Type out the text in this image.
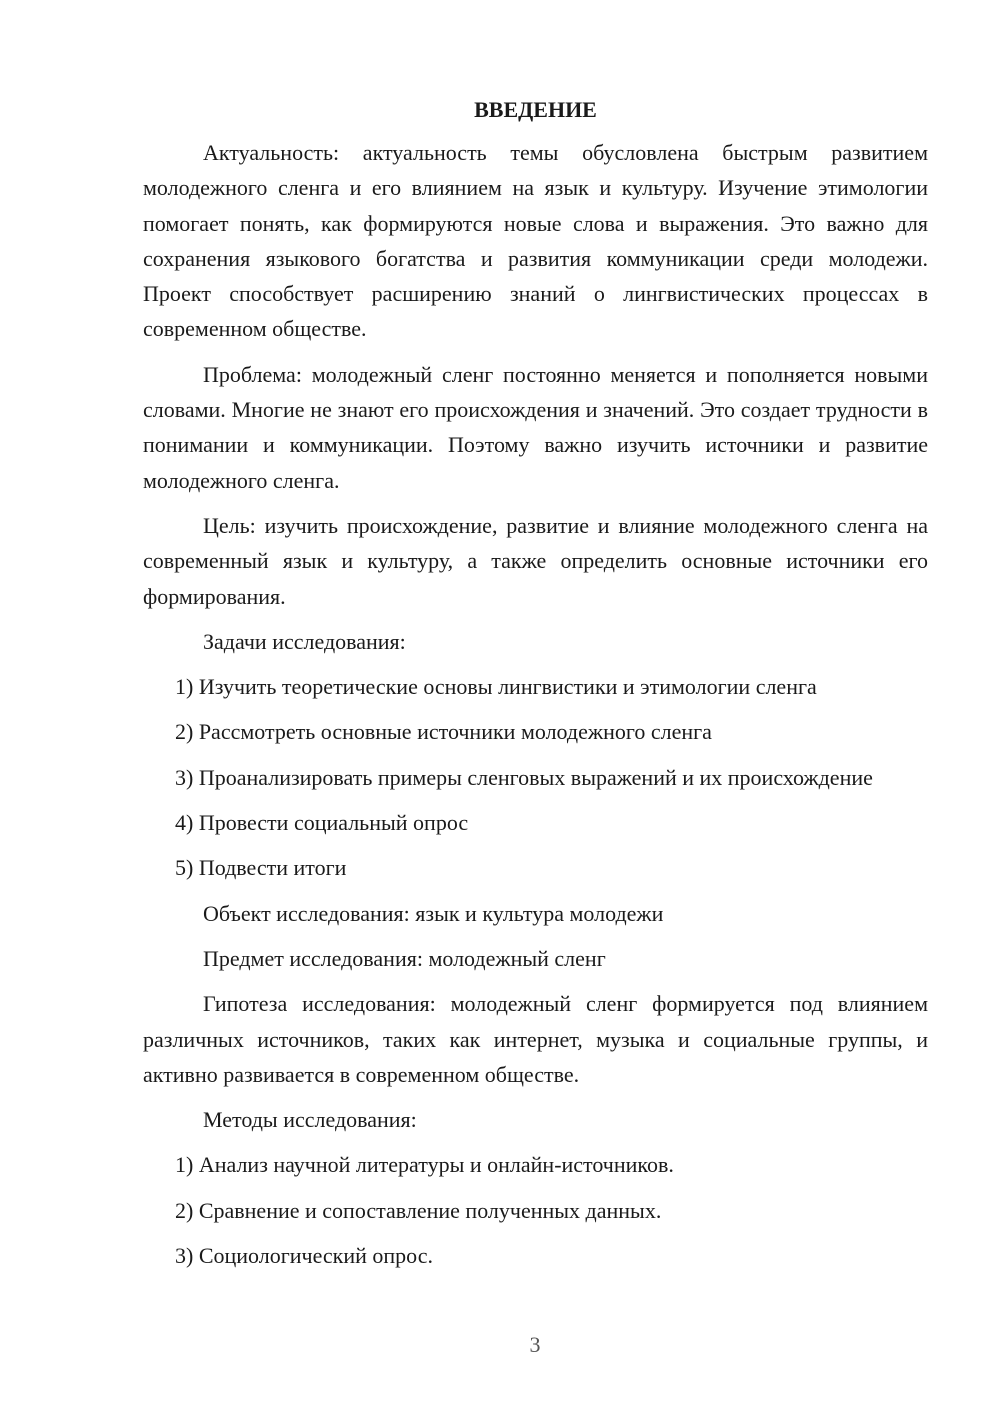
ВВЕДЕНИЕ

Актуальность: актуальность темы обусловлена быстрым развитием молодежного сленга и его влиянием на язык и культуру. Изучение этимологии помогает понять, как формируются новые слова и выражения. Это важно для сохранения языкового богатства и развития коммуникации среди молодежи. Проект способствует расширению знаний о лингвистических процессах в современном обществе.

Проблема: молодежный сленг постоянно меняется и пополняется новыми словами. Многие не знают его происхождения и значений. Это создает трудности в понимании и коммуникации. Поэтому важно изучить источники и развитие молодежного сленга.

Цель: изучить происхождение, развитие и влияние молодежного сленга на современный язык и культуру, а также определить основные источники его формирования.

Задачи исследования:

1) Изучить теоретические основы лингвистики и этимологии сленга

2) Рассмотреть основные источники молодежного сленга

3) Проанализировать примеры сленговых выражений и их происхождение

4) Провести социальный опрос

5) Подвести итоги

Объект исследования: язык и культура молодежи

Предмет исследования: молодежный сленг

Гипотеза исследования: молодежный сленг формируется под влиянием различных источников, таких как интернет, музыка и социальные группы, и активно развивается в современном обществе.

Методы исследования:

1) Анализ научной литературы и онлайн-источников.

2) Сравнение и сопоставление полученных данных.

3) Социологический опрос.

3
